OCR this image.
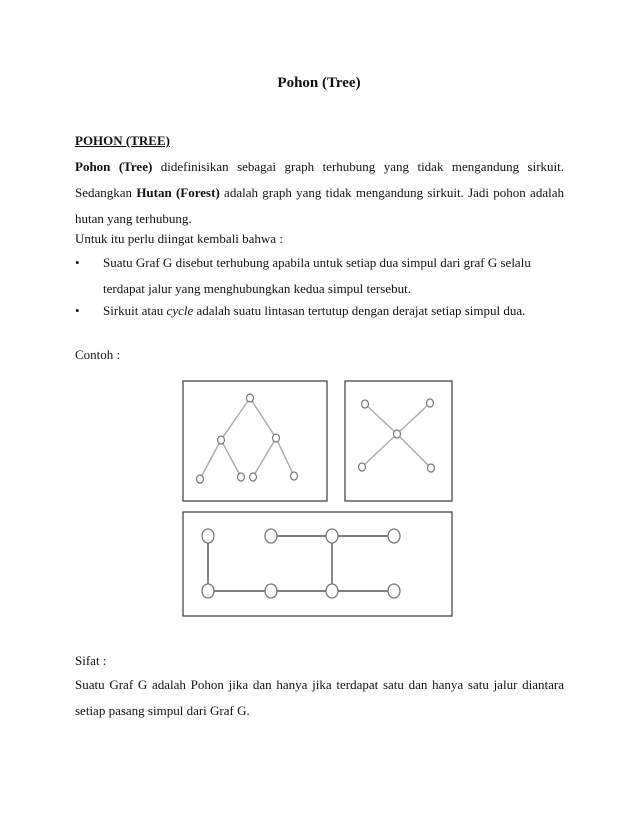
Pohon (Tree)
POHON (TREE)
Pohon (Tree) didefinisikan sebagai graph terhubung yang tidak mengandung sirkuit. Sedangkan Hutan (Forest) adalah graph yang tidak mengandung sirkuit. Jadi pohon adalah hutan yang terhubung.
Untuk itu perlu diingat kembali bahwa :
• Suatu Graf G disebut terhubung apabila untuk setiap dua simpul dari graf G selalu terdapat jalur yang menghubungkan kedua simpul tersebut.
• Sirkuit atau cycle adalah suatu lintasan tertutup dengan derajat setiap simpul dua.
Contoh :
Sifat :
Suatu Graf G adalah Pohon jika dan hanya jika terdapat satu dan hanya satu jalur diantara setiap pasang simpul dari Graf G.
